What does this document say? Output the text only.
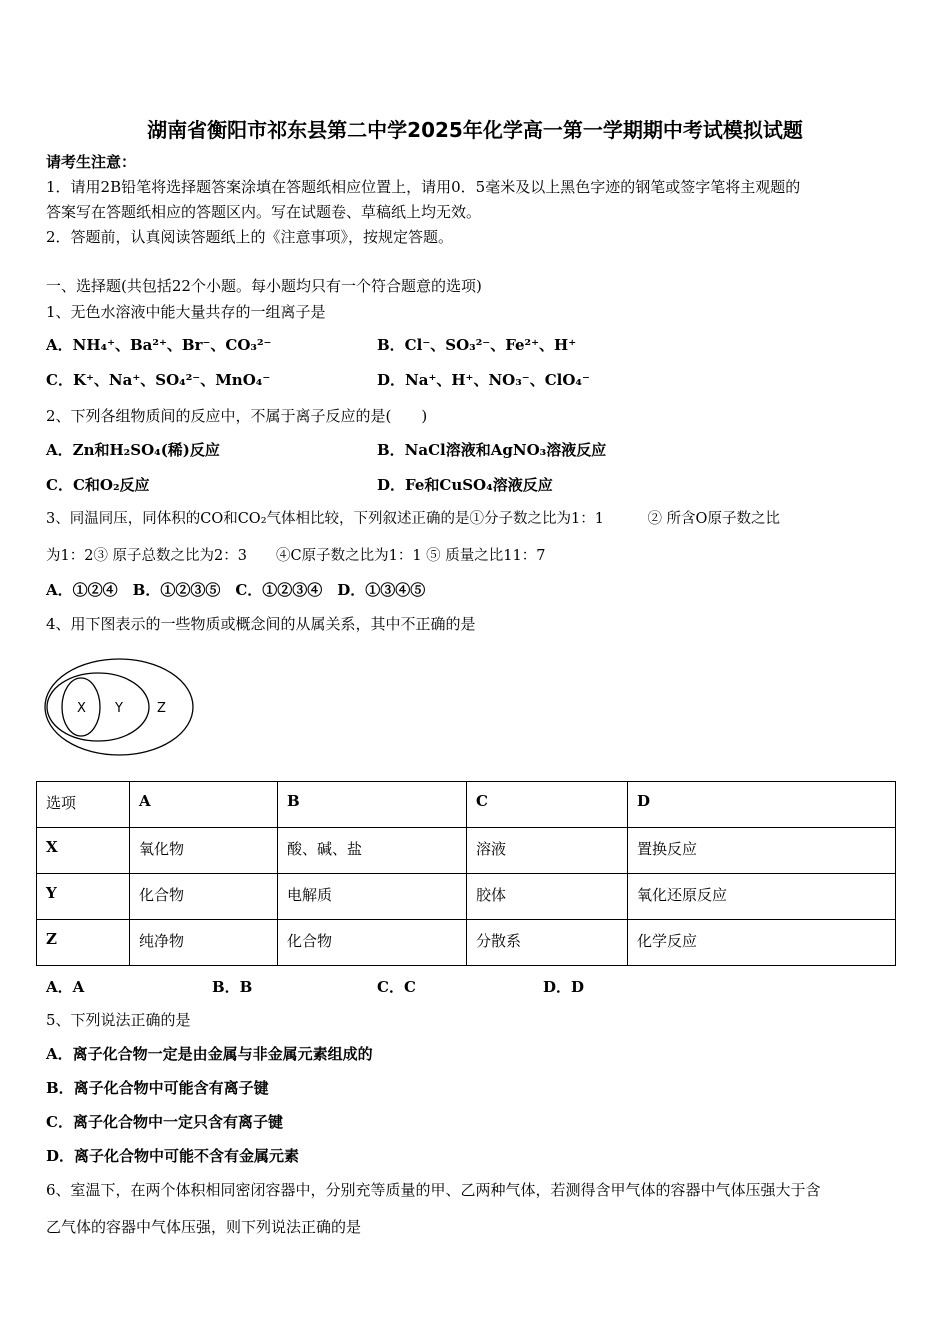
湖南省衡阳市祁东县第二中学2025年化学高一第一学期期中考试模拟试题
请考生注意：
1．请用2B铅笔将选择题答案涂填在答题纸相应位置上，请用0．5毫米及以上黑色字迹的钢笔或签字笔将主观题的
答案写在答题纸相应的答题区内。写在试题卷、草稿纸上均无效。
2．答题前，认真阅读答题纸上的《注意事项》，按规定答题。
一、选择题(共包括22个小题。每小题均只有一个符合题意的选项)
1、无色水溶液中能大量共存的一组离子是
A．NH₄⁺、Ba²⁺、Br⁻、CO₃²⁻	B．Cl⁻、SO₃²⁻、Fe²⁺、H⁺
C．K⁺、Na⁺、SO₄²⁻、MnO₄⁻	D．Na⁺、H⁺、NO₃⁻、ClO₄⁻
2、下列各组物质间的反应中，不属于离子反应的是(　　)
A．Zn和H₂SO₄(稀)反应	B．NaCl溶液和AgNO₃溶液反应
C．C和O₂反应	D．Fe和CuSO₄溶液反应
3、同温同压，同体积的CO和CO₂气体相比较，下列叙述正确的是①分子数之比为1：1　　　② 所含O原子数之比
为1：2③ 原子总数之比为2：3　　④C原子数之比为1：1 ⑤ 质量之比11：7
A．①②④　B．①②③⑤　C．①②③④　D．①③④⑤
4、用下图表示的一些物质或概念间的从属关系，其中不正确的是
X Y	Z
选项	A	B	C	D
X	氧化物	酸、碱、盐	溶液	置换反应
Y	化合物	电解质	胶体	氧化还原反应
Z	纯净物	化合物	分散系	化学反应
A．A	B．B	C．C	D．D
5、下列说法正确的是
A．离子化合物一定是由金属与非金属元素组成的
B．离子化合物中可能含有离子键
C．离子化合物中一定只含有离子键
D．离子化合物中可能不含有金属元素
6、室温下，在两个体积相同密闭容器中，分别充等质量的甲、乙两种气体，若测得含甲气体的容器中气体压强大于含
乙气体的容器中气体压强，则下列说法正确的是
